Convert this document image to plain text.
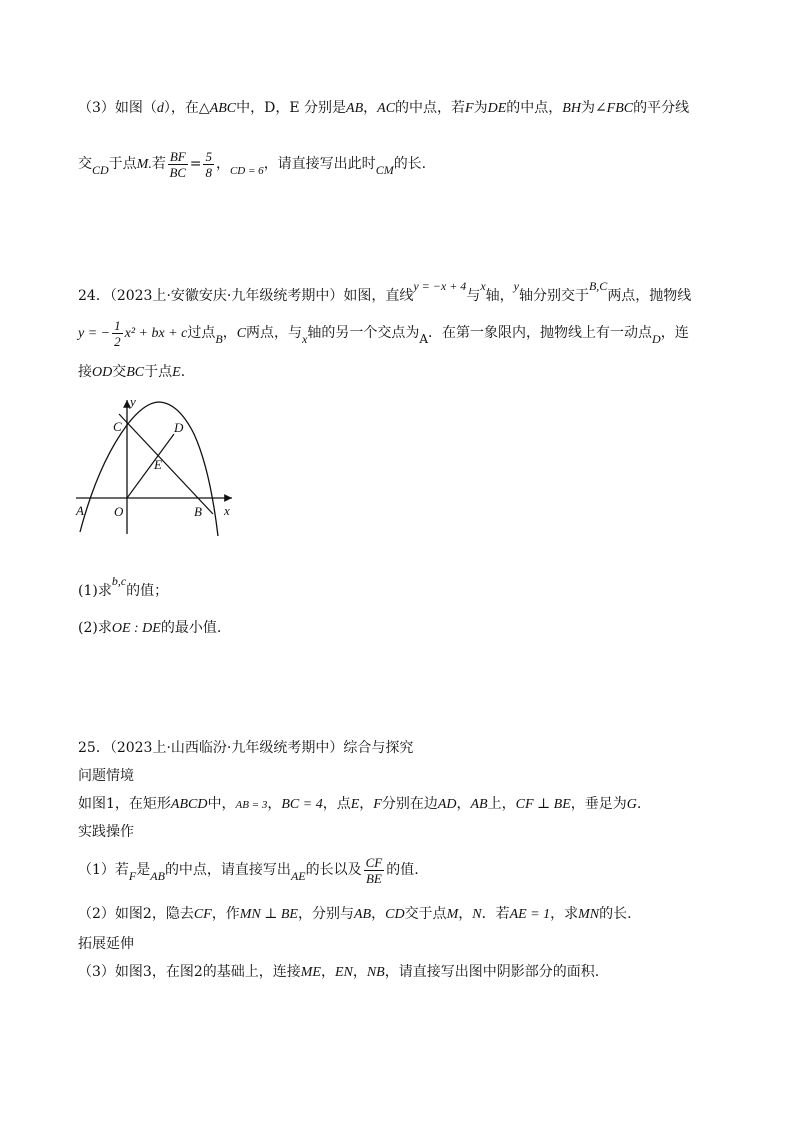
（3）如图（d），在△ABC中，D，E 分别是AB，AC的中点，若F为DE的中点，BH为∠FBC的平分线
交CD于点M.若 $\frac{BF}{BC} = \frac{5}{8}$ ，$_{CD = 6}$，请直接写出此时CM的长.
24．（2023上·安徽安庆·九年级统考期中）如图，直线y = −x + 4与x轴，y轴分别交于B,C两点，抛物线
y = − $\frac{1}{2} x^2$ + bx + c过点B，C两点，与x轴的另一个交点为A．在第一象限内，抛物线上有一动点D，连
接OD交BC于点E.
y
C	D
E
A O	B x
(1)求b,c的值；
(2)求OE : DE的最小值.
25．（2023上·山西临汾·九年级统考期中）综合与探究
问题情境
如图1，在矩形ABCD中，AB = 3，BC = 4，点E，F分别在边AD，AB上，CF ⊥ BE，垂足为G.
实践操作
（1）若F是AB的中点，请直接写出AE的长以及 $\frac{CF}{BE}$ 的值.
（2）如图2，隐去CF，作MN ⊥ BE，分别与AB，CD交于点M，N．若AE = 1，求MN的长.
拓展延伸
（3）如图3，在图2的基础上，连接ME，EN，NB，请直接写出图中阴影部分的面积.
